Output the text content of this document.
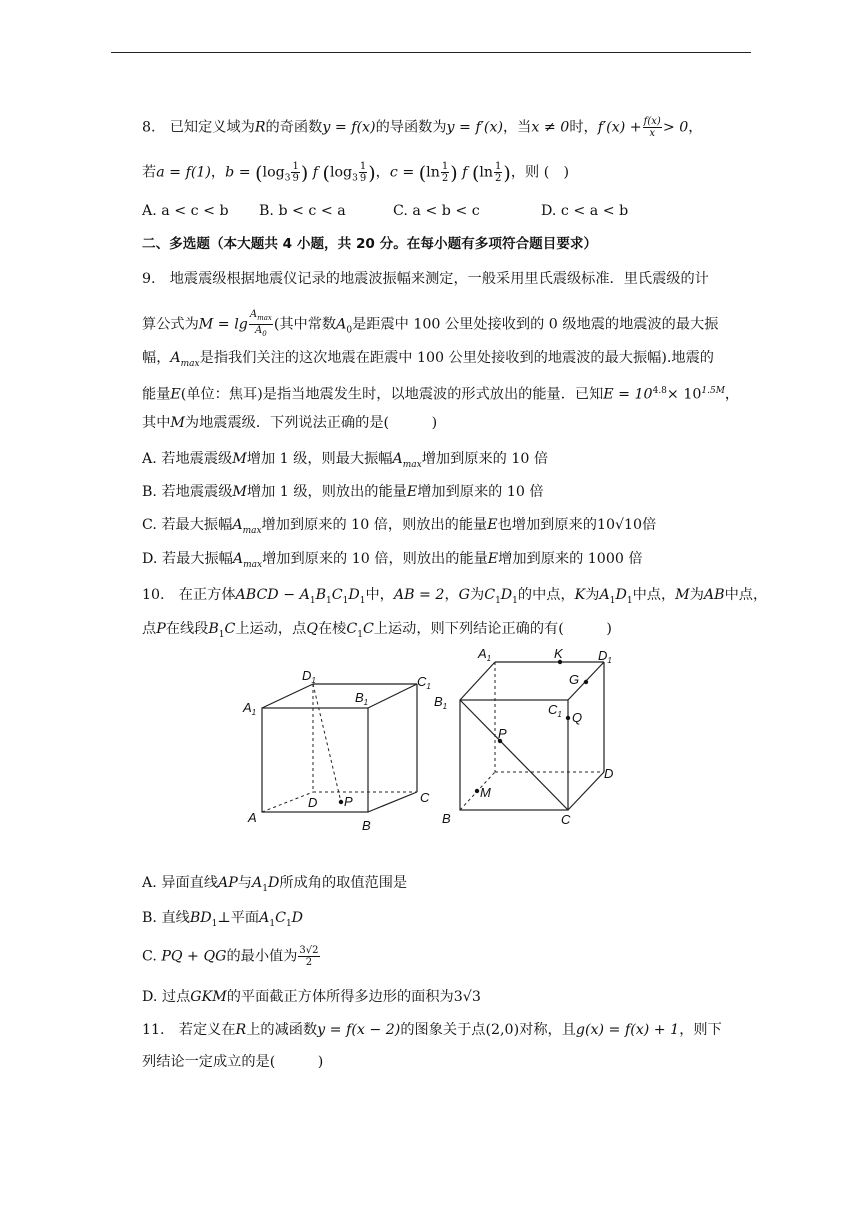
8.　已知定义域为R的奇函数y = f(x)的导函数为y = f′(x)，当x ≠ 0时，$f'(x) + \frac{f(x)}{x} > 0$，
若a = f(1)，$b = (\log_3 \frac{1}{9}$ ) f ($\log_3 \frac{1}{9}$ )，$c = (\ln \frac{1}{2}$ ) f ($\ln \frac{1}{2}$ )，则 (　)
A. a < c < b B. b < c < a	C. a < b < c	D. c < a < b
二、多选题（本大题共 4 小题，共 20 分。在每小题有多项符合题目要求）
9.　地震震级根据地震仪记录的地震波振幅来测定，一般采用里氏震级标准．里氏震级的计
算公式为$M = \lg \frac{A_{max}}{A_0}$ (其中常数$A_0$是距震中 100 公里处接收到的 0 级地震的地震波的最大振
幅，$A_{max}$是指我们关注的这次地震在距震中 100 公里处接收到的地震波的最大振幅).地震的
能量E(单位：焦耳)是指当地震发生时，以地震波的形式放出的能量．已知$E = 10^{4.8}\times 10^{1.5M}$，
其中M为地震震级．下列说法正确的是(　　　)
A. 若地震震级M增加 1 级，则最大振幅$A_{max}$增加到原来的 10 倍
B. 若地震震级M增加 1 级，则放出的能量E增加到原来的 10 倍
C. 若最大振幅$A_{max}$增加到原来的 10 倍，则放出的能量E也增加到原来的10√10倍
D. 若最大振幅$A_{max}$增加到原来的 10 倍，则放出的能量E增加到原来的 1000 倍
10.　在正方体ABCD − $A_1B_1C_1D_1$中，AB = 2，G为$C_1D_1$的中点，K为$A_1D_1$中点，M为AB中点，
点P在线段$B_1C$上运动，点Q在棱$C_1C$上运动，则下列结论正确的有(　　　)
$D_1$
$B_1$
$C_1$
$A_1$
D P	C
A
B
$A_1$	K	$D_1$
G
$B_1$	$C_1$ Q
P
D
M
B	C
A. 异面直线AP与$A_1D$所成角的取值范围是
B. 直线$BD_1\perp$平面$A_1C_1D$
C. PQ + QG的最小值为 $\frac{3√2}{2}$
D. 过点GKM的平面截正方体所得多边形的面积为3√3
11.　若定义在R上的减函数y = f(x − 2)的图象关于点(2,0)对称，且g(x) = f(x) + 1，则下
列结论一定成立的是(　　　)
